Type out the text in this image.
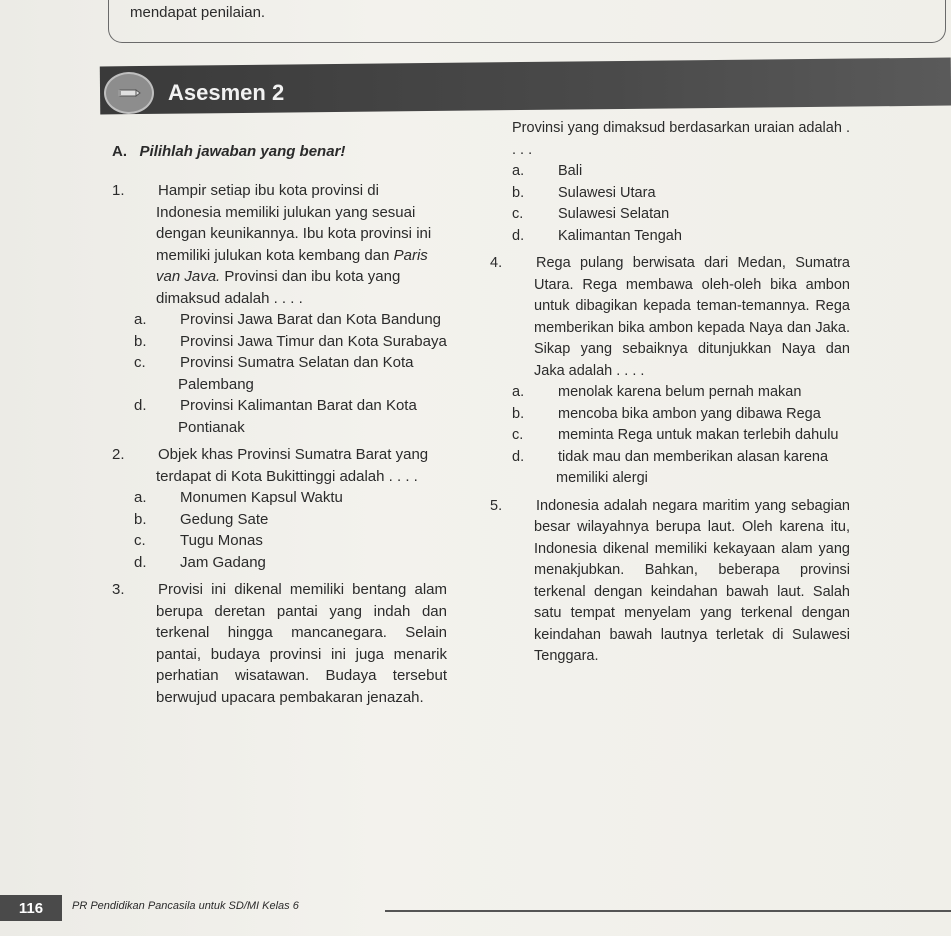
mendapat penilaian.
Asesmen 2
A. Pilihlah jawaban yang benar!

1. Hampir setiap ibu kota provinsi di Indonesia memiliki julukan yang sesuai dengan keunikannya. Ibu kota provinsi ini memiliki julukan kota kembang dan Paris van Java. Provinsi dan ibu kota yang dimaksud adalah . . . .

a. Provinsi Jawa Barat dan Kota Bandung

b. Provinsi Jawa Timur dan Kota Surabaya

c. Provinsi Sumatra Selatan dan Kota Palembang

d. Provinsi Kalimantan Barat dan Kota Pontianak

2. Objek khas Provinsi Sumatra Barat yang terdapat di Kota Bukittinggi adalah . . . .

a. Monumen Kapsul Waktu

b. Gedung Sate

c. Tugu Monas

d. Jam Gadang

3. Provisi ini dikenal memiliki bentang alam berupa deretan pantai yang indah dan terkenal hingga mancanegara. Selain pantai, budaya provinsi ini juga menarik perhatian wisatawan. Budaya tersebut berwujud upacara pembakaran jenazah.

Provinsi yang dimaksud berdasarkan uraian adalah . . . .

a. Bali

b. Sulawesi Utara

c. Sulawesi Selatan

d. Kalimantan Tengah

4. Rega pulang berwisata dari Medan, Sumatra Utara. Rega membawa oleh-oleh bika ambon untuk dibagikan kepada teman-temannya. Rega memberikan bika ambon kepada Naya dan Jaka. Sikap yang sebaiknya ditunjukkan Naya dan Jaka adalah . . . .

a. menolak karena belum pernah makan

b. mencoba bika ambon yang dibawa Rega

c. meminta Rega untuk makan terlebih dahulu

d. tidak mau dan memberikan alasan karena memiliki alergi

5. Indonesia adalah negara maritim yang sebagian besar wilayahnya berupa laut. Oleh karena itu, Indonesia dikenal memiliki kekayaan alam yang menakjubkan. Bahkan, beberapa provinsi terkenal dengan keindahan bawah laut. Salah satu tempat menyelam yang terkenal dengan keindahan bawah lautnya terletak di Sulawesi Tenggara.

116	PR Pendidikan Pancasila untuk SD/MI Kelas 6
